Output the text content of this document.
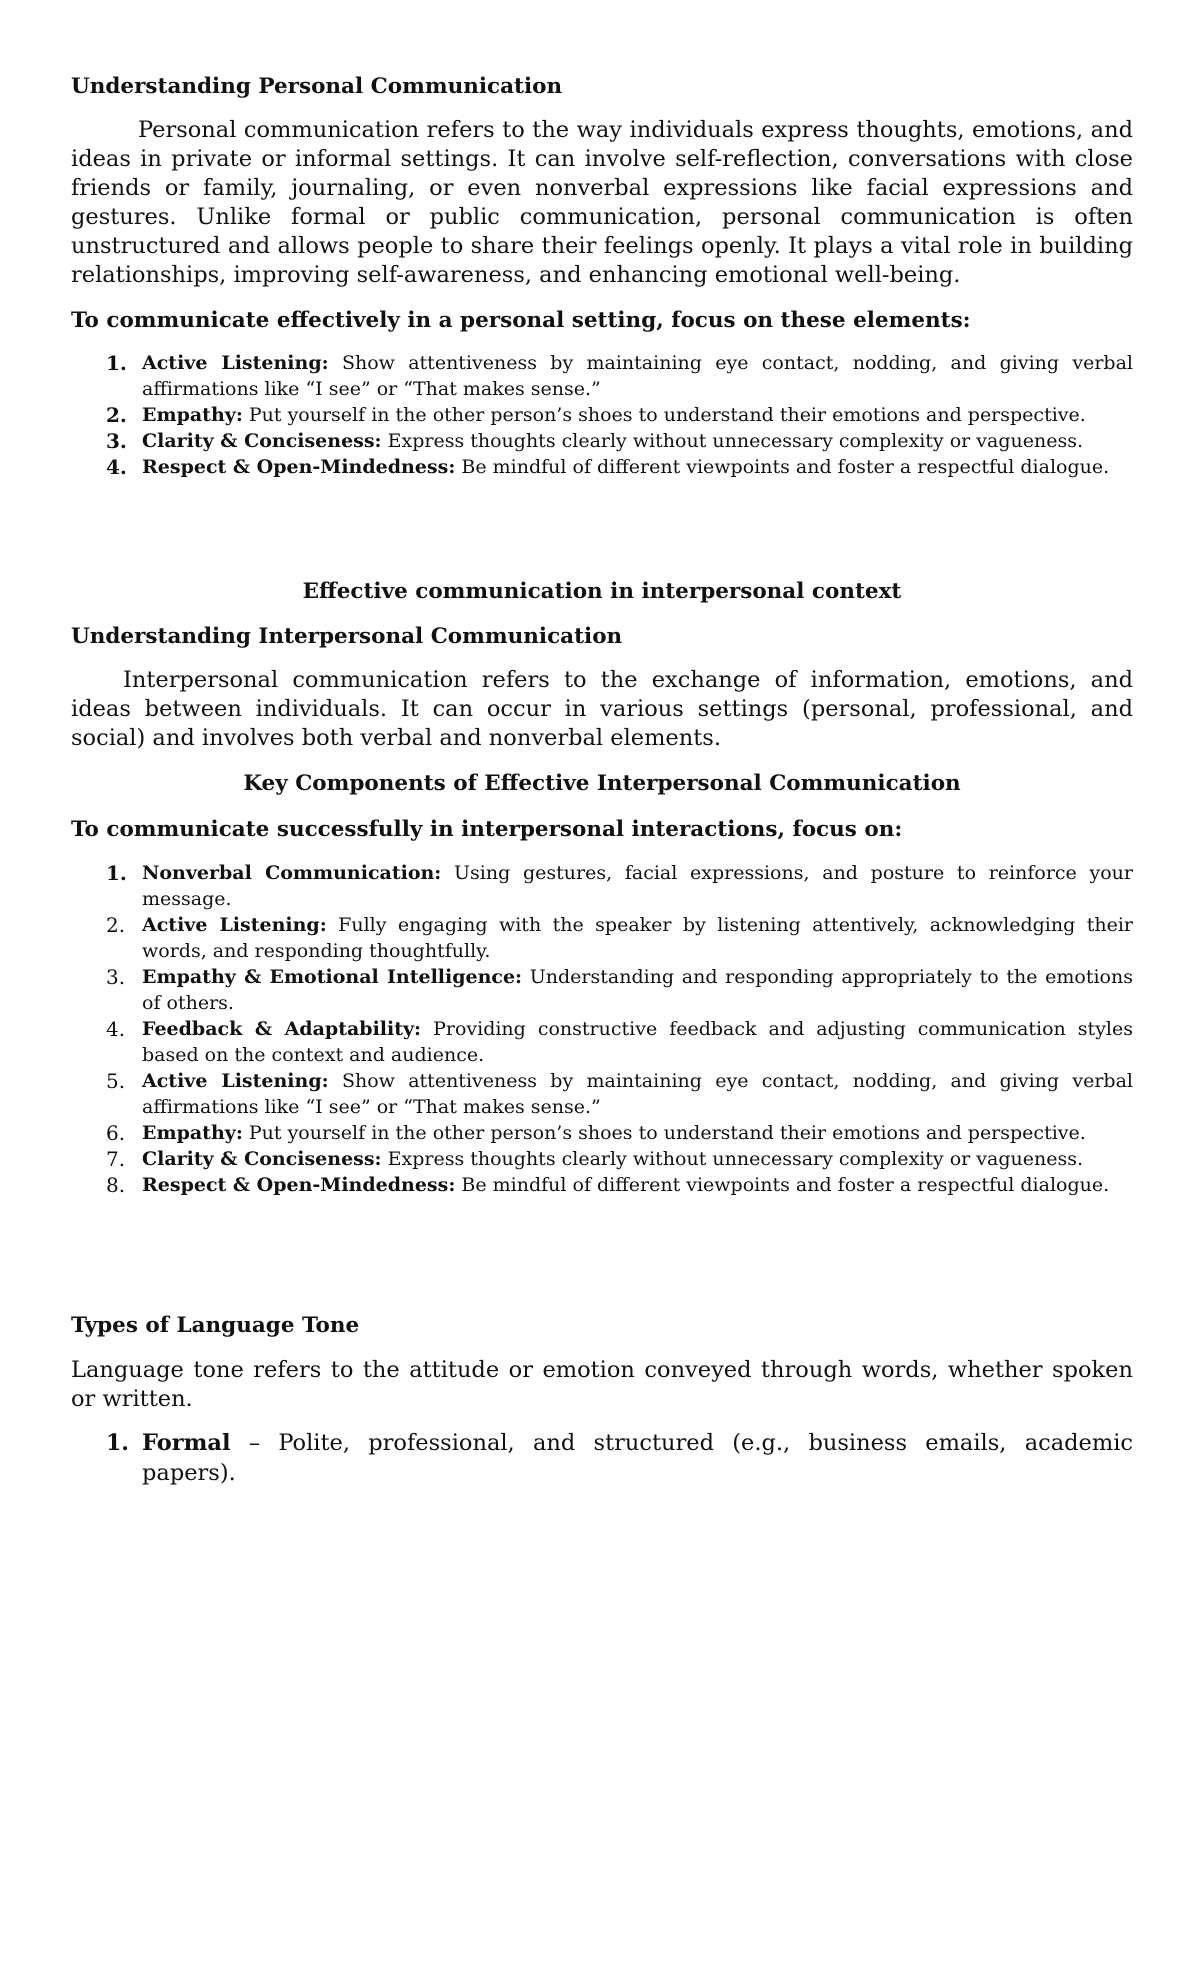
Understanding Personal Communication

Personal communication refers to the way individuals express thoughts, emotions, and ideas in private or informal settings. It can involve self-reflection, conversations with close friends or family, journaling, or even nonverbal expressions like facial expressions and gestures. Unlike formal or public communication, personal communication is often unstructured and allows people to share their feelings openly. It plays a vital role in building relationships, improving self-awareness, and enhancing emotional well-being.

To communicate effectively in a personal setting, focus on these elements:
1. Active Listening: Show attentiveness by maintaining eye contact, nodding, and giving verbal affirmations like “I see” or “That makes sense.”
2. Empathy: Put yourself in the other person’s shoes to understand their emotions and perspective.
3. Clarity & Conciseness: Express thoughts clearly without unnecessary complexity or vagueness.
4. Respect & Open-Mindedness: Be mindful of different viewpoints and foster a respectful dialogue.
Effective communication in interpersonal context
Understanding Interpersonal Communication

Interpersonal communication refers to the exchange of information, emotions, and ideas between individuals. It can occur in various settings (personal, professional, and social) and involves both verbal and nonverbal elements.

Key Components of Effective Interpersonal Communication
To communicate successfully in interpersonal interactions, focus on:
1. Nonverbal Communication: Using gestures, facial expressions, and posture to reinforce your message.
2. Active Listening: Fully engaging with the speaker by listening attentively, acknowledging their words, and responding thoughtfully.
3. Empathy & Emotional Intelligence: Understanding and responding appropriately to the emotions of others.
4. Feedback & Adaptability: Providing constructive feedback and adjusting communication styles based on the context and audience.
5. Active Listening: Show attentiveness by maintaining eye contact, nodding, and giving verbal affirmations like “I see” or “That makes sense.”
6. Empathy: Put yourself in the other person’s shoes to understand their emotions and perspective.
7. Clarity & Conciseness: Express thoughts clearly without unnecessary complexity or vagueness.
8. Respect & Open-Mindedness: Be mindful of different viewpoints and foster a respectful dialogue.
Types of Language Tone

Language tone refers to the attitude or emotion conveyed through words, whether spoken or written.

1. Formal – Polite, professional, and structured (e.g., business emails, academic papers).
